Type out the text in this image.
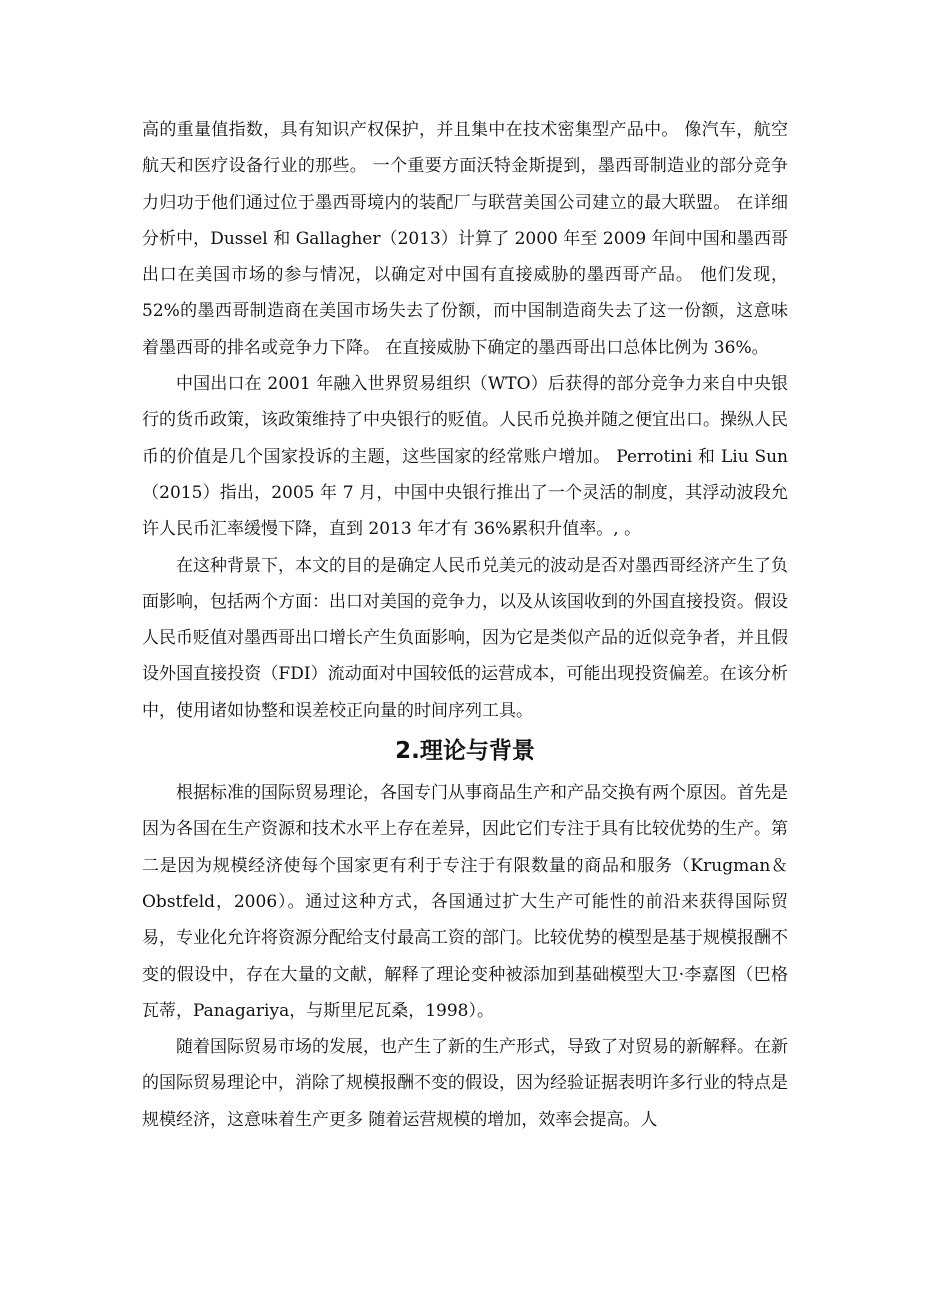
高的重量值指数，具有知识产权保护，并且集中在技术密集型产品中。 像汽车，航空航天和医疗设备行业的那些。 一个重要方面沃特金斯提到，墨西哥制造业的部分竞争力归功于他们通过位于墨西哥境内的装配厂与联营美国公司建立的最大联盟。 在详细分析中，Dussel 和 Gallagher（2013）计算了 2000 年至 2009 年间中国和墨西哥出口在美国市场的参与情况，以确定对中国有直接威胁的墨西哥产品。 他们发现，52%的墨西哥制造商在美国市场失去了份额，而中国制造商失去了这一份额，这意味着墨西哥的排名或竞争力下降。 在直接威胁下确定的墨西哥出口总体比例为 36%。

中国出口在 2001 年融入世界贸易组织（WTO）后获得的部分竞争力来自中央银行的货币政策，该政策维持了中央银行的贬值。人民币兑换并随之便宜出口。操纵人民币的价值是几个国家投诉的主题，这些国家的经常账户增加。 Perrotini 和 Liu Sun（2015）指出，2005 年 7 月，中国中央银行推出了一个灵活的制度，其浮动波段允许人民币汇率缓慢下降，直到 2013 年才有 36%累积升值率。, 。

在这种背景下，本文的目的是确定人民币兑美元的波动是否对墨西哥经济产生了负面影响，包括两个方面：出口对美国的竞争力，以及从该国收到的外国直接投资。假设人民币贬值对墨西哥出口增长产生负面影响，因为它是类似产品的近似竞争者，并且假设外国直接投资（FDI）流动面对中国较低的运营成本，可能出现投资偏差。在该分析中，使用诸如协整和误差校正向量的时间序列工具。

2.理论与背景

根据标准的国际贸易理论，各国专门从事商品生产和产品交换有两个原因。首先是因为各国在生产资源和技术水平上存在差异，因此它们专注于具有比较优势的生产。第二是因为规模经济使每个国家更有利于专注于有限数量的商品和服务（Krugman＆Obstfeld，2006）。通过这种方式，各国通过扩大生产可能性的前沿来获得国际贸易，专业化允许将资源分配给支付最高工资的部门。比较优势的模型是基于规模报酬不变的假设中，存在大量的文献，解释了理论变种被添加到基础模型大卫·李嘉图（巴格瓦蒂，Panagariya，与斯里尼瓦桑，1998）。

随着国际贸易市场的发展，也产生了新的生产形式，导致了对贸易的新解释。在新的国际贸易理论中，消除了规模报酬不变的假设，因为经验证据表明许多行业的特点是规模经济，这意味着生产更多 随着运营规模的增加，效率会提高。人
